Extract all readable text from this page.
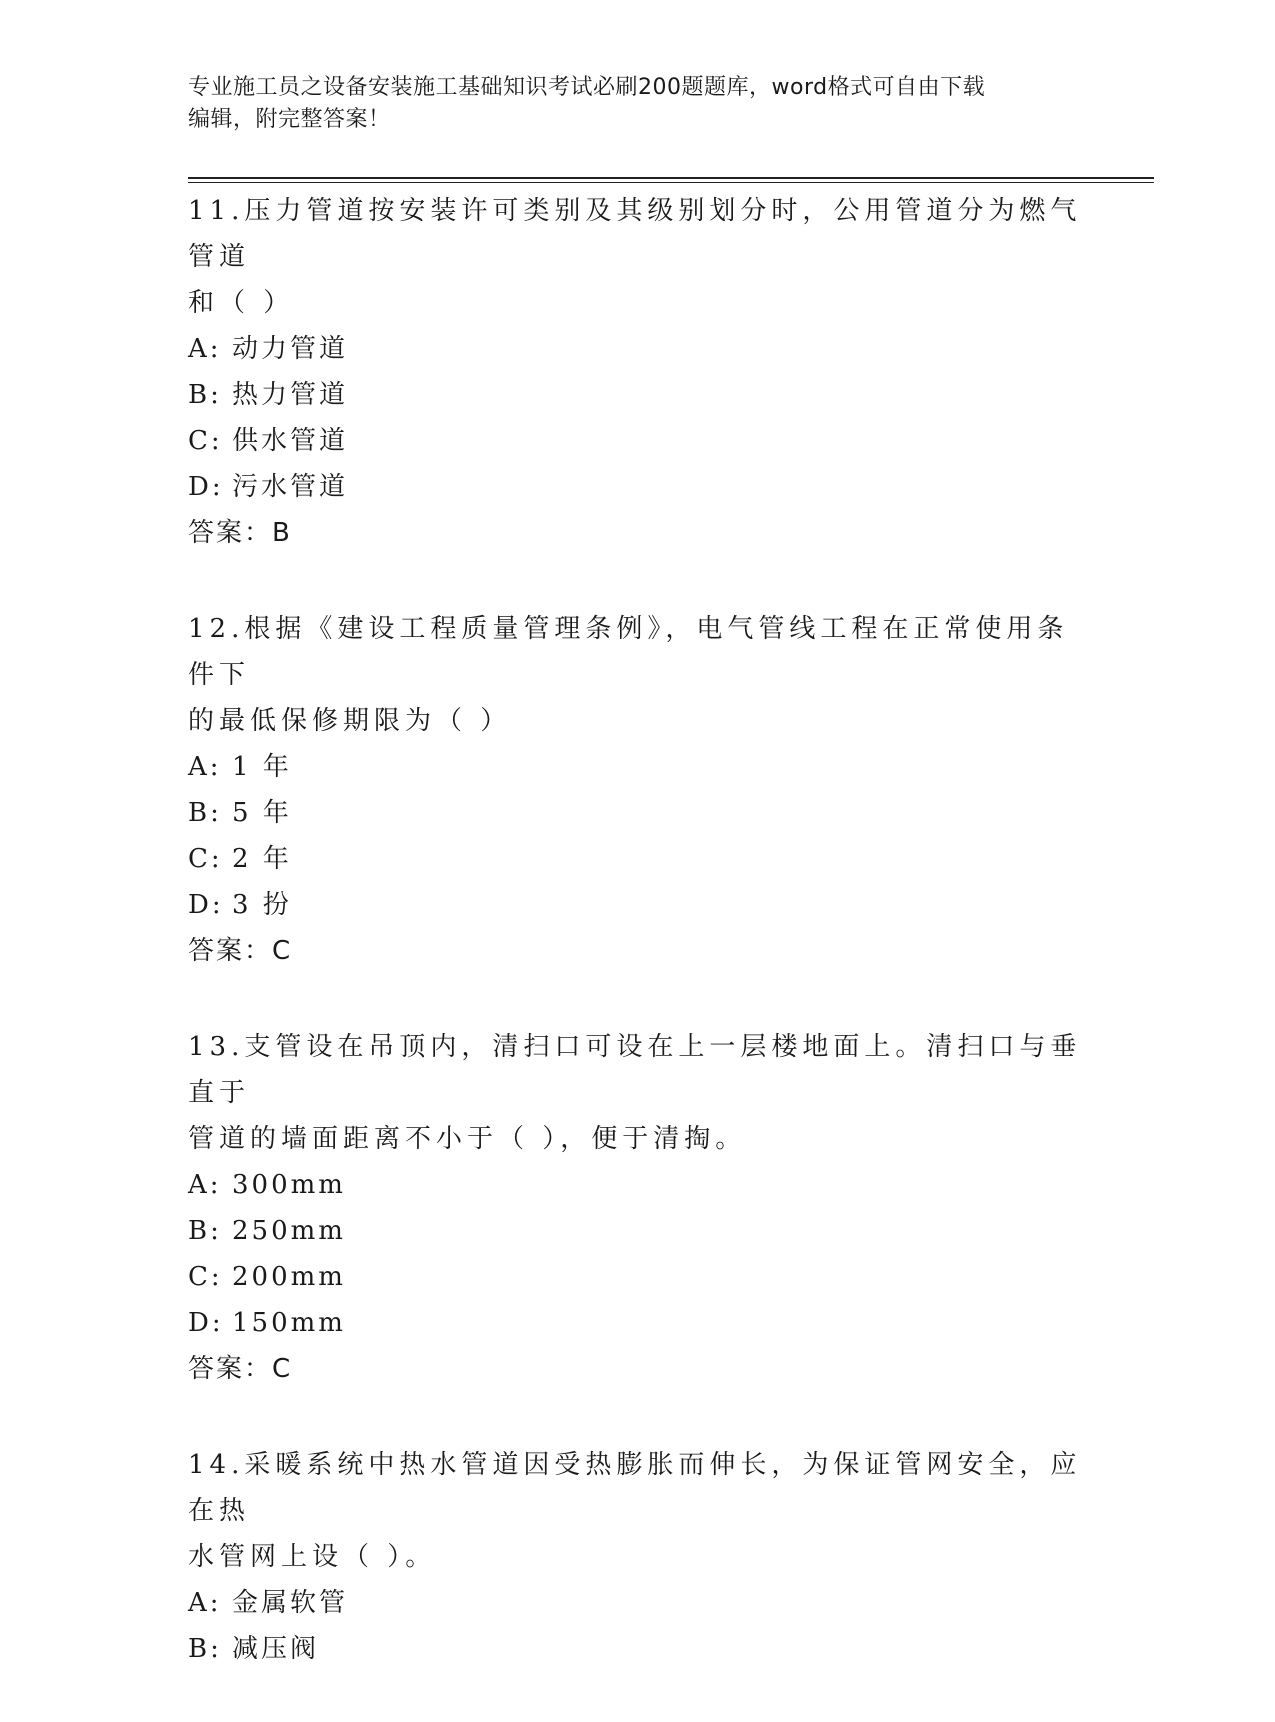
专业施工员之设备安装施工基础知识考试必刷200题题库，word格式可自由下载
编辑，附完整答案！
11.压力管道按安装许可类别及其级别划分时，公用管道分为燃气管道
和（ ）
A: 动力管道
B: 热力管道
C: 供水管道
D: 污水管道
答案：B
12.根据《建设工程质量管理条例》，电气管线工程在正常使用条件下
的最低保修期限为（ ）
A: 1 年
B: 5 年
C: 2 年
D: 3 扮
答案：C
13.支管设在吊顶内，清扫口可设在上一层楼地面上。清扫口与垂直于
管道的墙面距离不小于（ ），便于清掏。
A: 300mm
B: 250mm
C: 200mm
D: 150mm
答案：C
14.采暖系统中热水管道因受热膨胀而伸长，为保证管网安全，应在热
水管网上设（ ）。
A: 金属软管
B: 减压阀
